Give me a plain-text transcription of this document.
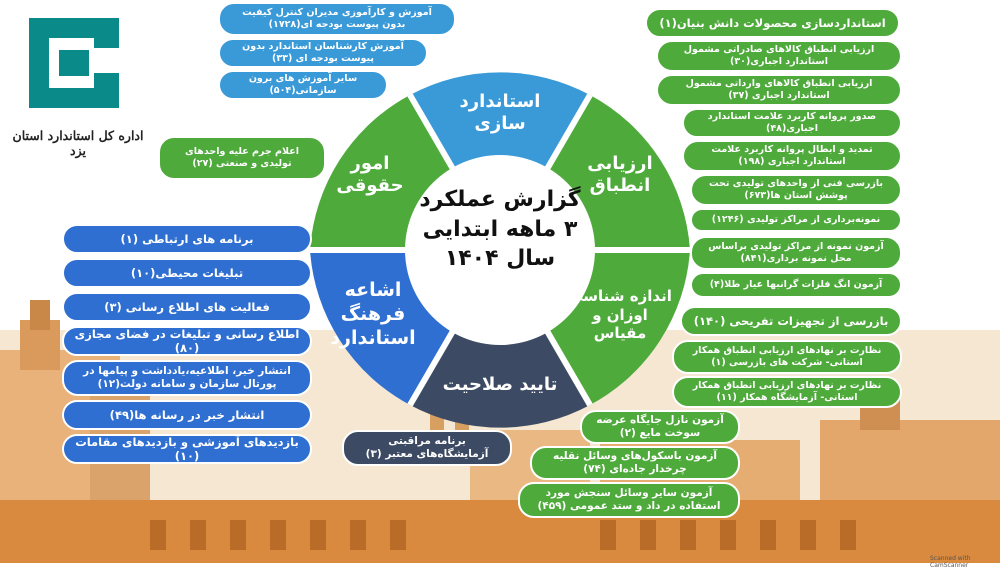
اداره کل استاندارد استان یزد
استاندارد سازی
ارزیابی انطباق
اندازه شناسی اوزان و مقیاس
تایید صلاحیت
اشاعه فرهنگ استاندارد
امور حقوقی
گزارش عملکرد
۳ ماهه ابتدایی
سال ۱۴۰۴
آموزش و کارآموزی مدیران کنترل کیفیت بدون پیوست بودجه ای(۱۷۲۸)
آموزش کارشناسان استاندارد بدون پیوست بودجه ای (۳۳)
سایر آموزش های برون سازمانی(۵۰۴)
اعلام جرم علیه واحدهای تولیدی و صنعتی (۲۷)
استانداردسازی محصولات دانش بنیان(۱)
ارزیابی انطباق کالاهای صادراتی مشمول استاندارد اجباری(۳۰)
ارزیابی انطباق کالاهای وارداتی مشمول استاندارد اجباری (۳۷)
صدور پروانه کاربرد علامت استاندارد اجباری(۴۸)
تمدید و ابطال پروانه کاربرد علامت استاندارد اجباری (۱۹۸)
بازرسی فنی از واحدهای تولیدی تحت پوشش استان ها(۶۷۳)
نمونه‌برداری از مراکز تولیدی (۱۲۴۶)
آزمون نمونه از مراکز تولیدی براساس محل نمونه برداری(۸۴۱)
آزمون انگ فلزات گرانبها عیار طلا(۴)
بازرسی از تجهیزات تفریحی (۱۴۰)
نظارت بر نهادهای ارزیابی انطباق همکار استانی- شرکت های بازرسی (۱)
نظارت بر نهادهای ارزیابی انطباق همکار استانی- آزمایشگاه همکار (۱۱)
برنامه های ارتباطی (۱)
تبلیغات محیطی(۱۰)
فعالیت های اطلاع رسانی (۳)
اطلاع رسانی و تبلیغات در فضای مجازی (۸۰)
انتشار خبر، اطلاعیه،یادداشت و پیامها در پورتال سازمان و سامانه دولت(۱۲)
انتشار خبر در رسانه ها(۴۹)
بازدیدهای آموزشی و بازدیدهای مقامات (۱۰)
برنامه مراقبتی آزمایشگاه‌های معتبر (۳)
آزمون نازل جایگاه عرضه سوخت مایع (۲)
آزمون باسکول‌های وسائل نقلیه چرخدار جاده‌ای (۷۴)
آزمون سایر وسائل سنجش مورد استفاده در داد و ستد عمومی (۴۵۹)
Scanned with CamScanner
